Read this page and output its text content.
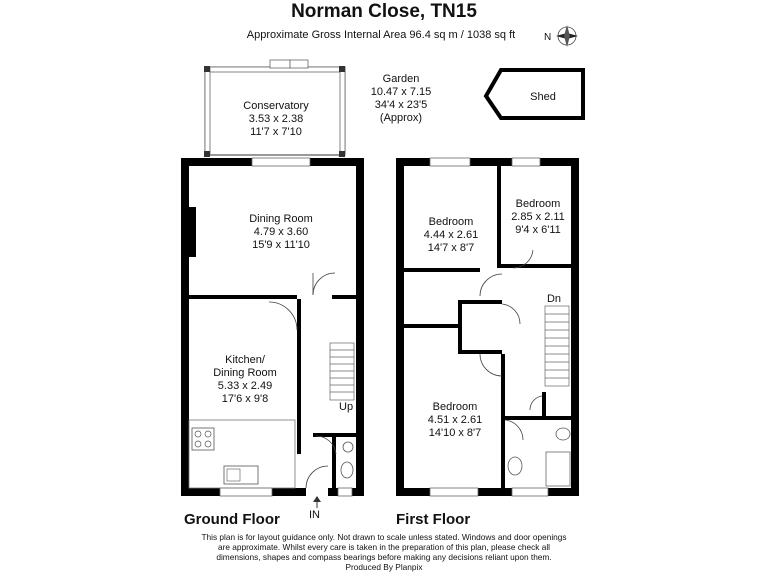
Norman Close, TN15
Approximate Gross Internal Area 96.4 sq m / 1038 sq ft	N
IN
Conservatory
3.53 x 2.38
11'7 x 7'10
Dining Room
4.79 x 3.60
15'9 x 11'10
Kitchen/
Dining Room
5.33 x 2.49
17'6 x 9'8
Up
Garden
10.47 x 7.15
34'4 x 23'5
(Approx)
Shed
Bedroom
4.44 x 2.61
14'7 x 8'7
Bedroom
2.85 x 2.11
9'4 x 6'11
Dn
Bedroom
4.51 x 2.61
14'10 x 8'7
Ground Floor	First Floor
This plan is for layout guidance only. Not drawn to scale unless stated. Windows and door openings
are approximate. Whilst every care is taken in the preparation of this plan, please check all
dimensions, shapes and compass bearings before making any decisions reliant upon them.
Produced By Planpix
